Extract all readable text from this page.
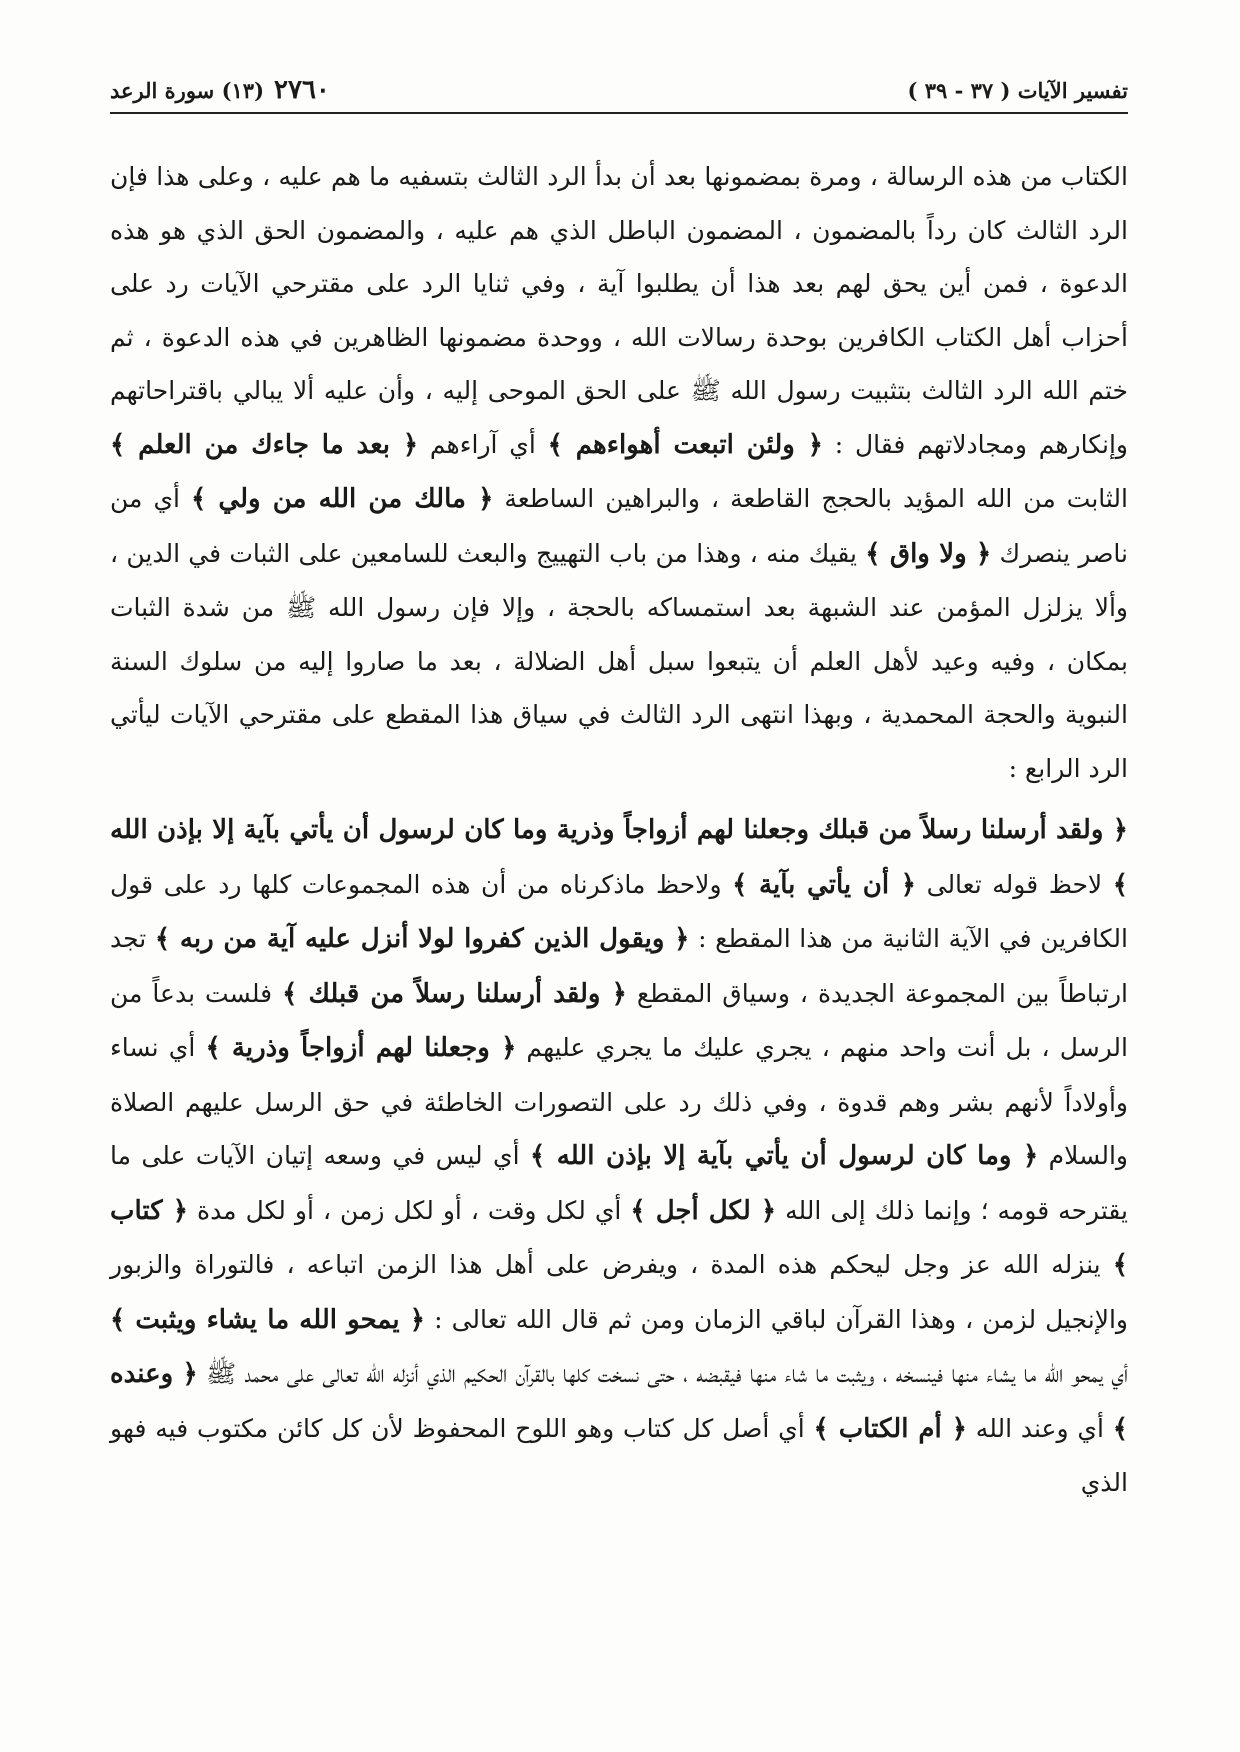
٢٧٦٠
(١٣) سورة الرعد	تفسير الآيات ( ٣٧ - ٣٩ )

الكتاب من هذه الرسالة ، ومرة بمضمونها بعد أن بدأ الرد الثالث بتسفيه ما هم عليه ، وعلى هذا فإن الرد الثالث كان رداً بالمضمون ، المضمون الباطل الذي هم عليه ، والمضمون الحق الذي هو هذه الدعوة ، فمن أين يحق لهم بعد هذا أن يطلبوا آية ، وفي ثنايا الرد على مقترحي الآيات رد على أحزاب أهل الكتاب الكافرين بوحدة رسالات الله ، ووحدة مضمونها الظاهرين في هذه الدعوة ، ثم ختم الله الرد الثالث بتثبيت رسول الله ﷺ على الحق الموحى إليه ، وأن عليه ألا يبالي باقتراحاتهم وإنكارهم ومجادلاتهم فقال : ﴿ ولئن اتبعت أهواءهم ﴾ أي آراءهم ﴿ بعد ما جاءك من العلم ﴾ الثابت من الله المؤيد بالحجج القاطعة ، والبراهين الساطعة ﴿ مالك من الله من ولي ﴾ أي من ناصر ينصرك ﴿ ولا واق ﴾ يقيك منه ، وهذا من باب التهييج والبعث للسامعين على الثبات في الدين ، وألا يزلزل المؤمن عند الشبهة بعد استمساكه بالحجة ، وإلا فإن رسول الله ﷺ من شدة الثبات بمكان ، وفيه وعيد لأهل العلم أن يتبعوا سبل أهل الضلالة ، بعد ما صاروا إليه من سلوك السنة النبوية والحجة المحمدية ، وبهذا انتهى الرد الثالث في سياق هذا المقطع على مقترحي الآيات ليأتي الرد الرابع :

﴿ ولقد أرسلنا رسلاً من قبلك وجعلنا لهم أزواجاً وذرية وما كان لرسول أن يأتي بآية إلا بإذن الله ﴾ لاحظ قوله تعالى ﴿ أن يأتي بآية ﴾ ولاحظ ماذكرناه من أن هذه المجموعات كلها رد على قول الكافرين في الآية الثانية من هذا المقطع : ﴿ ويقول الذين كفروا لولا أنزل عليه آية من ربه ﴾ تجد ارتباطاً بين المجموعة الجديدة ، وسياق المقطع ﴿ ولقد أرسلنا رسلاً من قبلك ﴾ فلست بدعاً من الرسل ، بل أنت واحد منهم ، يجري عليك ما يجري عليهم ﴿ وجعلنا لهم أزواجاً وذرية ﴾ أي نساء وأولاداً لأنهم بشر وهم قدوة ، وفي ذلك رد على التصورات الخاطئة في حق الرسل عليهم الصلاة والسلام ﴿ وما كان لرسول أن يأتي بآية إلا بإذن الله ﴾ أي ليس في وسعه إتيان الآيات على ما يقترحه قومه ؛ وإنما ذلك إلى الله ﴿ لكل أجل ﴾ أي لكل وقت ، أو لكل زمن ، أو لكل مدة ﴿ كتاب ﴾ ينزله الله عز وجل ليحكم هذه المدة ، ويفرض على أهل هذا الزمن اتباعه ، فالتوراة والزبور والإنجيل لزمن ، وهذا القرآن لباقي الزمان ومن ثم قال الله تعالى : ﴿ يمحو الله ما يشاء ويثبت ﴾ أي يمحو الله ما يشاء منها فينسخه ، ويثبت ما شاء منها فيقبضه ، حتى نسخت كلها بالقرآن الحكيم الذي أنزله الله تعالى على محمد ﷺ ﴿ وعنده ﴾ أي وعند الله ﴿ أم الكتاب ﴾ أي أصل كل كتاب وهو اللوح المحفوظ لأن كل كائن مكتوب فيه فهو الذي
